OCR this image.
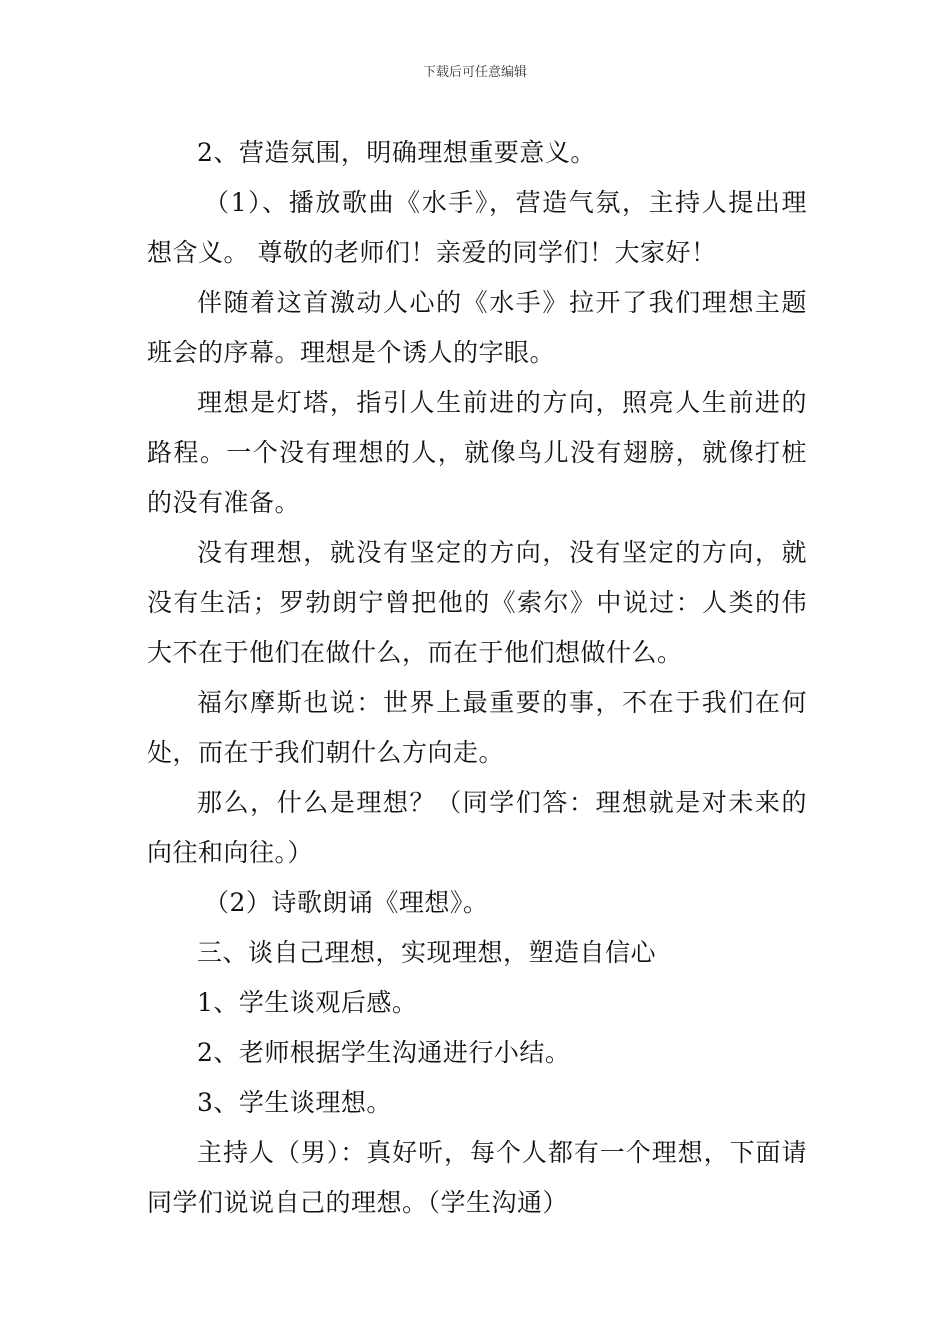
下载后可任意编辑

2、营造氛围，明确理想重要意义。

（1）、播放歌曲《水手》，营造气氛，主持人提出理想含义。 尊敬的老师们！亲爱的同学们！大家好！

伴随着这首激动人心的《水手》拉开了我们理想主题班会的序幕。理想是个诱人的字眼。

理想是灯塔，指引人生前进的方向，照亮人生前进的路程。一个没有理想的人，就像鸟儿没有翅膀，就像打桩的没有准备。

没有理想，就没有坚定的方向，没有坚定的方向，就没有生活；罗勃朗宁曾把他的《索尔》中说过：人类的伟大不在于他们在做什么，而在于他们想做什么。

福尔摩斯也说：世界上最重要的事，不在于我们在何处，而在于我们朝什么方向走。

那么，什么是理想？（同学们答：理想就是对未来的向往和向往。）

（2）诗歌朗诵《理想》。

三、谈自己理想，实现理想，塑造自信心

1、学生谈观后感。

2、老师根据学生沟通进行小结。

3、学生谈理想。

主持人（男）：真好听，每个人都有一个理想，下面请同学们说说自己的理想。（学生沟通）
